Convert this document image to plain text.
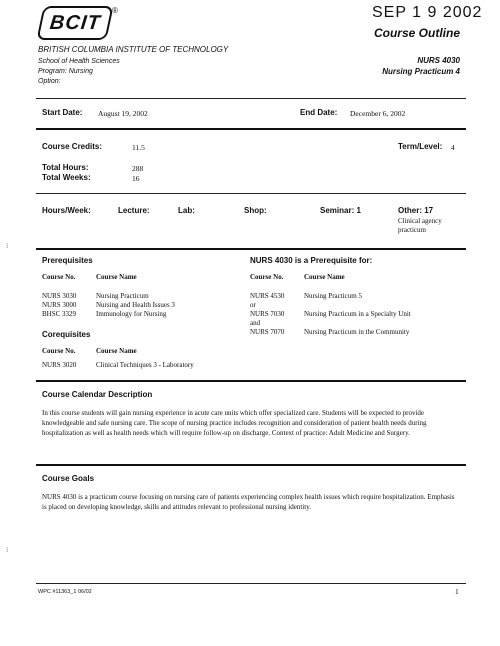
BCIT
®	SEP 1 9 2002
Course Outline
BRITISH COLUMBIA INSTITUTE OF TECHNOLOGY
School of Health Sciences
Program: Nursing
Option:
NURS 4030
Nursing Practicum 4
Start Date: August 19, 2002	End Date: December 6, 2002
Course Credits:	11.5	Term/Level: 4
Total Hours:	288
Total Weeks:	16
Hours/Week:	Lecture:	Lab:	Shop:	Seminar: 1	Other: 17
Clinical agency
practicum
Prerequisites
Course No.	Course Name
NURS 3030	Nursing Practicum
NURS 3000	Nursing and Health Issues 3
BHSC 3329	Immunology for Nursing
NURS 4030 is a Prerequisite for:
Course No.	Course Name
NURS 4530	Nursing Practicum 5
or
NURS 7030	Nursing Practicum in a Specialty Unit
and
NURS 7070	Nursing Practicum in the Community
Corequisites
Course No.	Course Name
NURS 3020	Clinical Techniques 3 - Laboratory
Course Calendar Description
In this course students will gain nursing experience in acute care units which offer specialized care. Students will be expected to provide knowledgeable and safe nursing care. The scope of nursing practice includes recognition and consideration of patient health needs during hospitalization as well as health needs which will require follow-up on discharge. Context of practice: Adult Medicine and Surgery.
Course Goals
NURS 4030 is a practicum course focusing on nursing care of patients experiencing complex health issues which require hospitalization. Emphasis is placed on developing knowledge, skills and attitudes relevant to professional nursing identity.
⁝
⁝
WPC #11363_1 06/02	1
